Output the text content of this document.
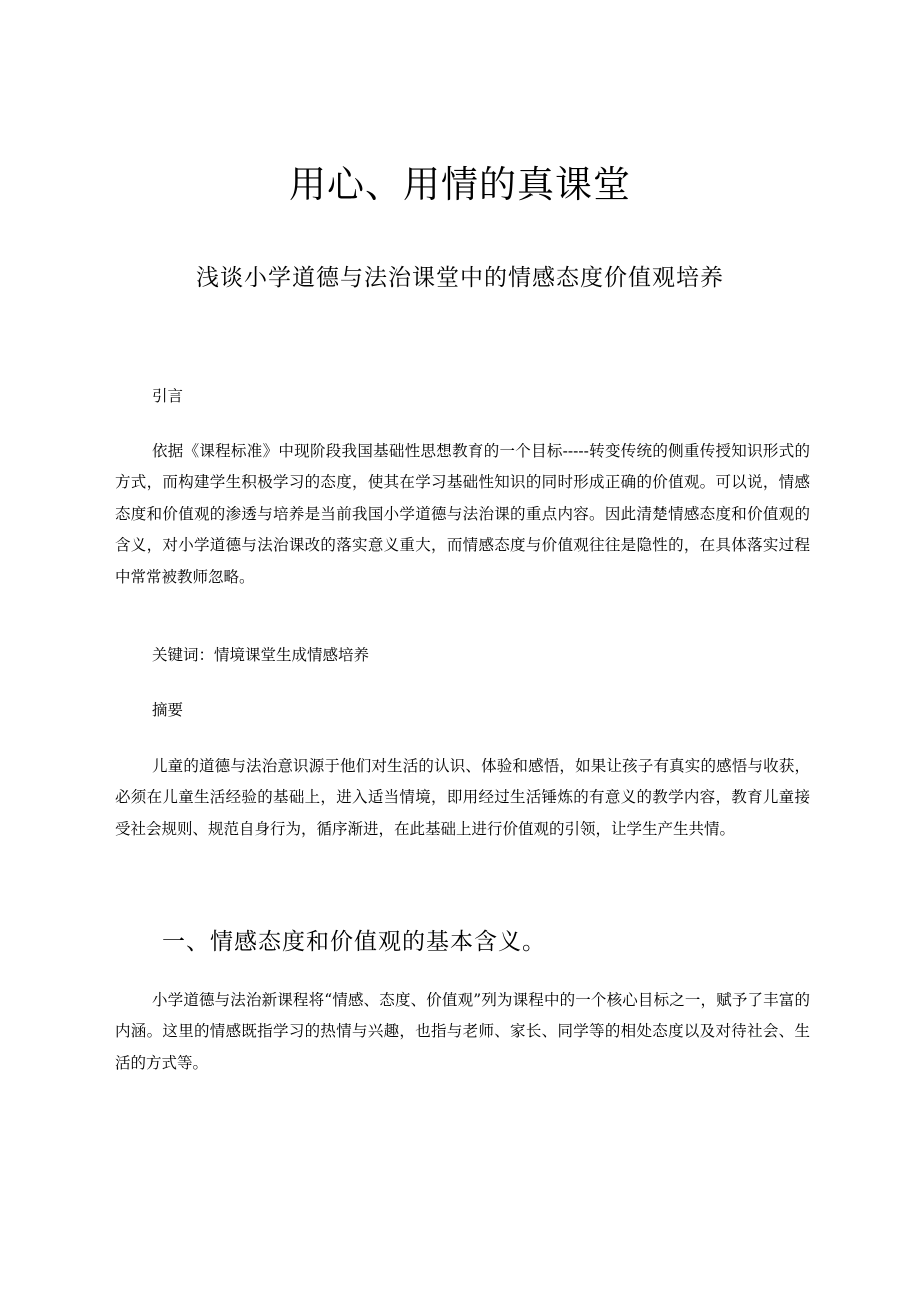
用心、用情的真课堂
浅谈小学道德与法治课堂中的情感态度价值观培养
引言
依据《课程标准》中现阶段我国基础性思想教育的一个目标-----转变传统的侧重传授知识形式的方式，而构建学生积极学习的态度，使其在学习基础性知识的同时形成正确的价值观。可以说，情感态度和价值观的渗透与培养是当前我国小学道德与法治课的重点内容。因此清楚情感态度和价值观的含义，对小学道德与法治课改的落实意义重大，而情感态度与价值观往往是隐性的，在具体落实过程中常常被教师忽略。
关键词：情境课堂生成情感培养
摘要
儿童的道德与法治意识源于他们对生活的认识、体验和感悟，如果让孩子有真实的感悟与收获，必须在儿童生活经验的基础上，进入适当情境，即用经过生活锤炼的有意义的教学内容，教育儿童接受社会规则、规范自身行为，循序渐进，在此基础上进行价值观的引领，让学生产生共情。
一、情感态度和价值观的基本含义。
小学道德与法治新课程将“情感、态度、价值观”列为课程中的一个核心目标之一，赋予了丰富的内涵。这里的情感既指学习的热情与兴趣，也指与老师、家长、同学等的相处态度以及对待社会、生活的方式等。
